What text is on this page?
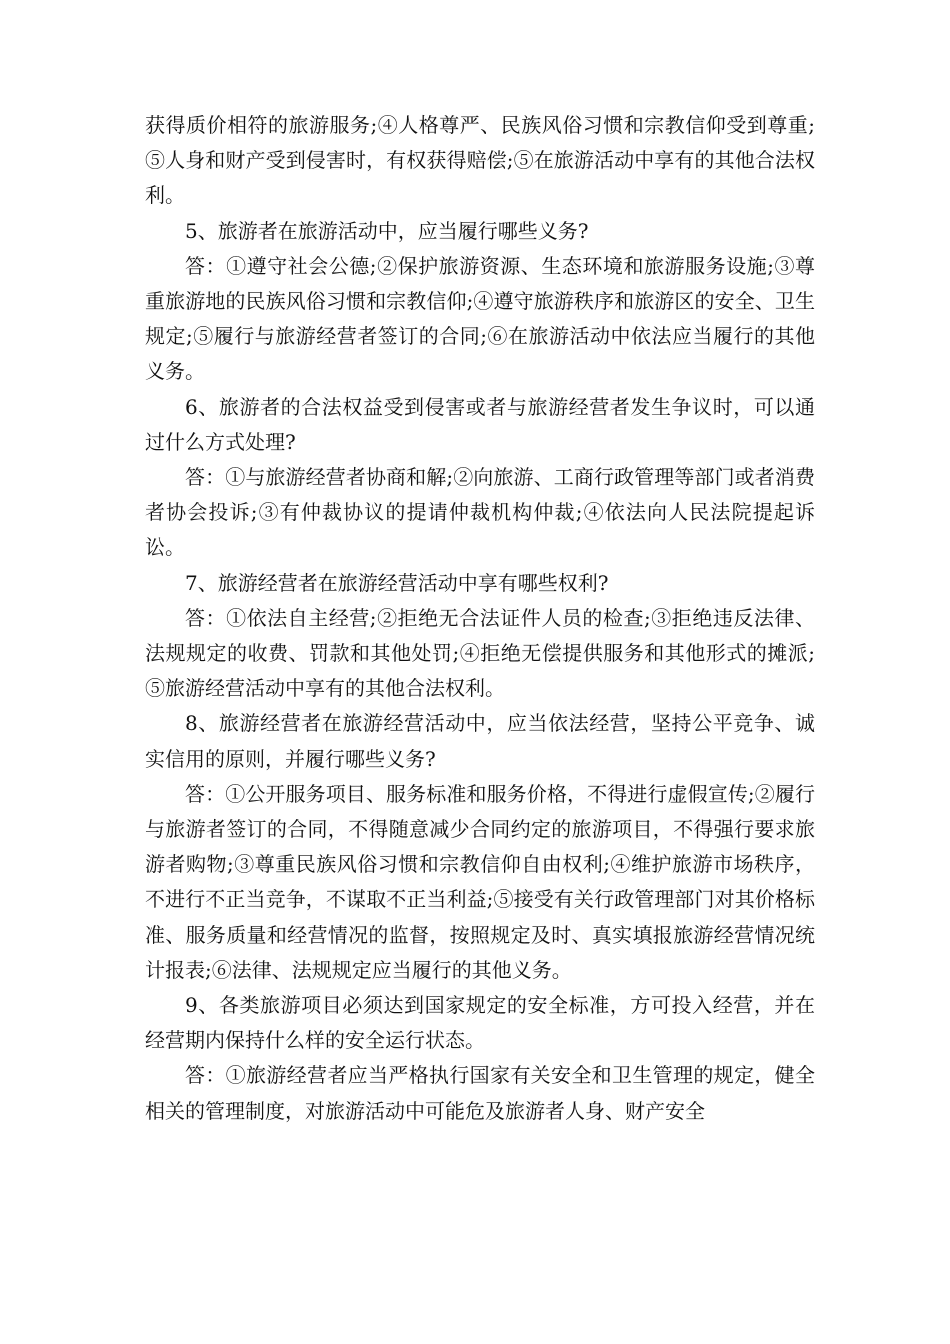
获得质价相符的旅游服务;④人格尊严、民族风俗习惯和宗教信仰受到尊重;⑤人身和财产受到侵害时，有权获得赔偿;⑤在旅游活动中享有的其他合法权利。

5、旅游者在旅游活动中，应当履行哪些义务?

答：①遵守社会公德;②保护旅游资源、生态环境和旅游服务设施;③尊重旅游地的民族风俗习惯和宗教信仰;④遵守旅游秩序和旅游区的安全、卫生规定;⑤履行与旅游经营者签订的合同;⑥在旅游活动中依法应当履行的其他义务。

6、旅游者的合法权益受到侵害或者与旅游经营者发生争议时，可以通过什么方式处理?

答：①与旅游经营者协商和解;②向旅游、工商行政管理等部门或者消费者协会投诉;③有仲裁协议的提请仲裁机构仲裁;④依法向人民法院提起诉讼。

7、旅游经营者在旅游经营活动中享有哪些权利?

答：①依法自主经营;②拒绝无合法证件人员的检查;③拒绝违反法律、法规规定的收费、罚款和其他处罚;④拒绝无偿提供服务和其他形式的摊派;⑤旅游经营活动中享有的其他合法权利。

8、旅游经营者在旅游经营活动中，应当依法经营，坚持公平竞争、诚实信用的原则，并履行哪些义务?

答：①公开服务项目、服务标准和服务价格，不得进行虚假宣传;②履行与旅游者签订的合同，不得随意减少合同约定的旅游项目，不得强行要求旅游者购物;③尊重民族风俗习惯和宗教信仰自由权利;④维护旅游市场秩序，不进行不正当竞争，不谋取不正当利益;⑤接受有关行政管理部门对其价格标准、服务质量和经营情况的监督，按照规定及时、真实填报旅游经营情况统计报表;⑥法律、法规规定应当履行的其他义务。

9、各类旅游项目必须达到国家规定的安全标准，方可投入经营，并在经营期内保持什么样的安全运行状态。

答：①旅游经营者应当严格执行国家有关安全和卫生管理的规定，健全相关的管理制度，对旅游活动中可能危及旅游者人身、财产安全
